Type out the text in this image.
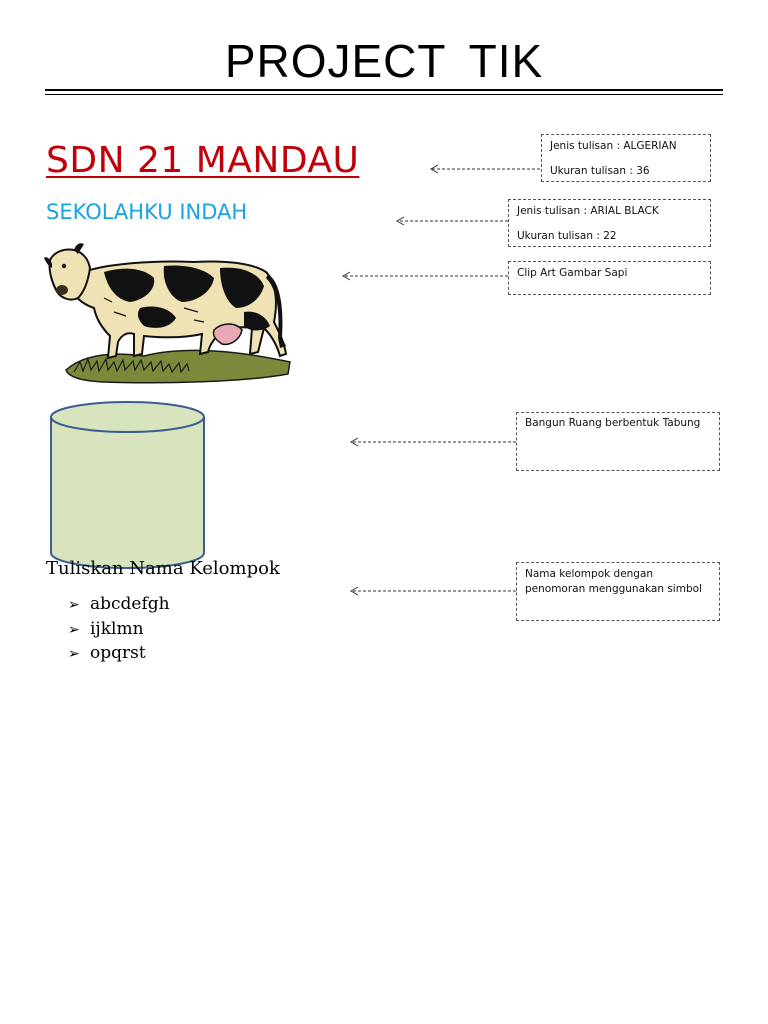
PROJECT TIK
SDN 21 MANDAU
SEKOLAHKU INDAH
Tuliskan Nama Kelompok
➢ abcdefgh
➢ ijklmn
➢ opqrst

Jenis tulisan : ALGERIAN

Ukuran tulisan : 36

Jenis tulisan : ARIAL BLACK

Ukuran tulisan : 22

Clip Art Gambar Sapi

Bangun Ruang berbentuk Tabung

Nama kelompok dengan penomoran menggunakan simbol
